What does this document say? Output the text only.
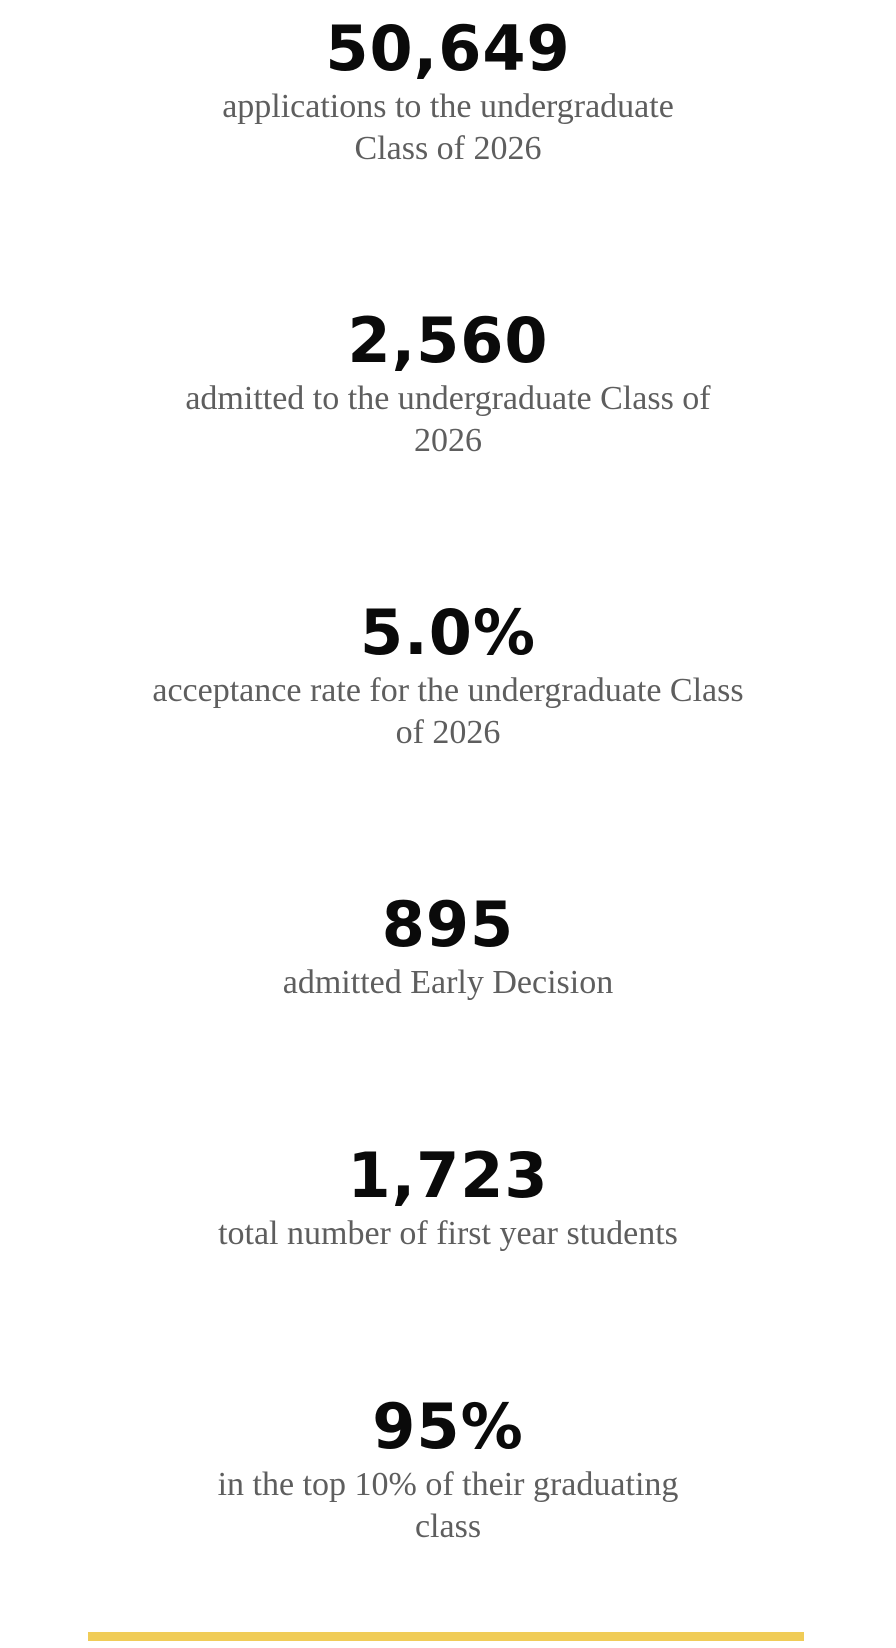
50,649
applications to the undergraduate Class of 2026
2,560
admitted to the undergraduate Class of 2026
5.0%
acceptance rate for the undergraduate Class of 2026
895
admitted Early Decision
1,723
total number of first year students
95%
in the top 10% of their graduating class
